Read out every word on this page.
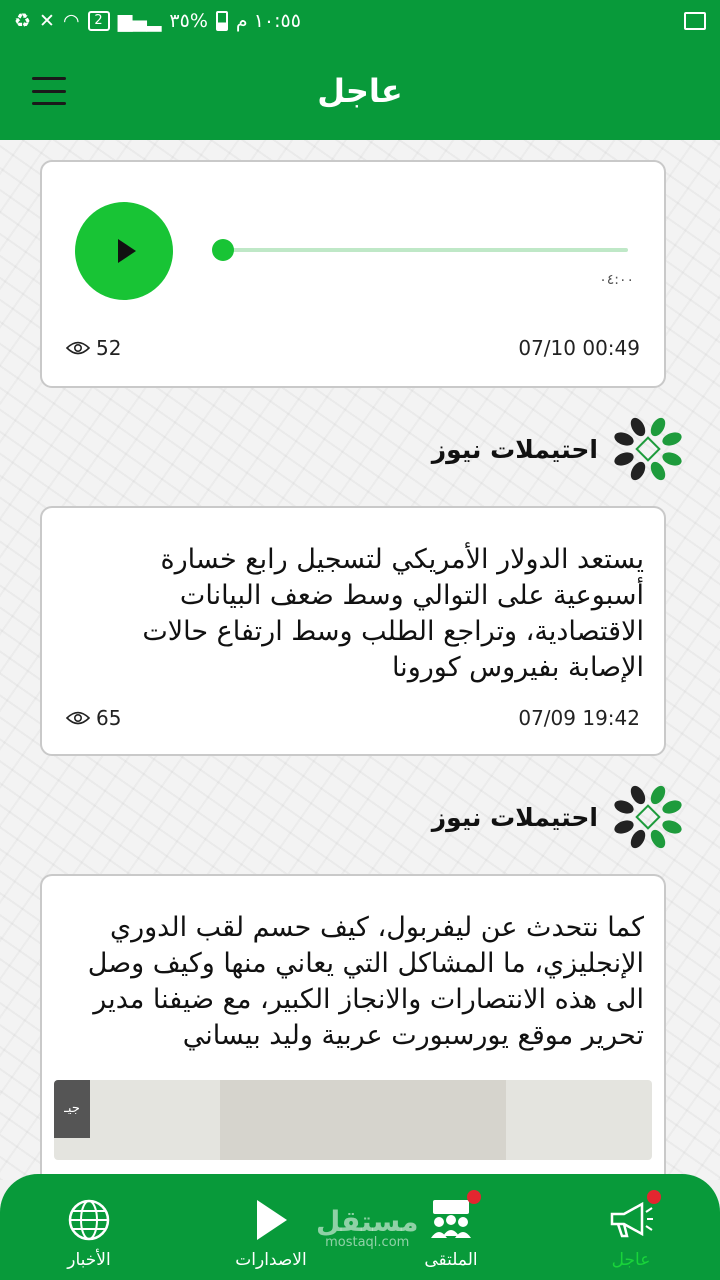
١٠:٥٥ م
%٣٥
▂▄▆
2
◠
✕
♻
عاجل
٠٤:٠٠
52	07/10 00:49
احتيملات نيوز
يستعد الدولار الأمريكي لتسجيل رابع خسارة أسبوعية على التوالي وسط ضعف البيانات الاقتصادية، وتراجع الطلب وسط ارتفاع حالات الإصابة بفيروس كورونا
65	07/09 19:42
احتيملات نيوز
كما نتحدث عن ليفربول، كيف حسم لقب الدوري الإنجليزي، ما المشاكل التي يعاني منها وكيف وصل الى هذه الانتصارات والانجاز الكبير، مع ضيفنا مدير تحرير موقع يورسبورت عربية وليد بيساني
جيـ
عاجل
الملتقى
الاصدارات
الأخبار
مستقل
mostaql.com
